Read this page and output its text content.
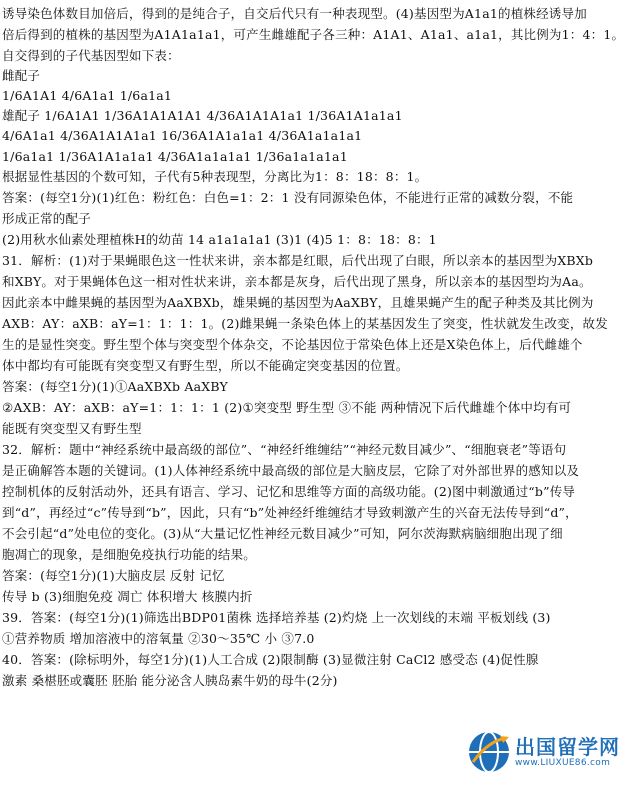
诱导染色体数目加倍后，得到的是纯合子，自交后代只有一种表现型。(4)基因型为A1a1的植株经诱导加
倍后得到的植株的基因型为A1A1a1a1，可产生雌雄配子各三种：A1A1、A1a1、a1a1，其比例为1：4：1。
自交得到的子代基因型如下表：
雌配子
1/6A1A1 4/6A1a1 1/6a1a1
雄配子 1/6A1A1 1/36A1A1A1A1 4/36A1A1A1a1 1/36A1A1a1a1
4/6A1a1 4/36A1A1A1a1 16/36A1A1a1a1 4/36A1a1a1a1
1/6a1a1 1/36A1A1a1a1 4/36A1a1a1a1 1/36a1a1a1a1
根据显性基因的个数可知，子代有5种表现型，分离比为1：8：18：8：1。
答案：(每空1分)(1)红色：粉红色：白色=1：2：1 没有同源染色体，不能进行正常的减数分裂，不能
形成正常的配子
(2)用秋水仙素处理植株H的幼苗 14 a1a1a1a1 (3)1 (4)5 1：8：18：8：1
31．解析：(1)对于果蝇眼色这一性状来讲，亲本都是红眼，后代出现了白眼，所以亲本的基因型为XBXb
和XBY。对于果蝇体色这一相对性状来讲，亲本都是灰身，后代出现了黑身，所以亲本的基因型均为Aa。
因此亲本中雌果蝇的基因型为AaXBXb，雄果蝇的基因型为AaXBY，且雄果蝇产生的配子种类及其比例为
AXB：AY：aXB：aY=1：1：1：1。(2)雌果蝇一条染色体上的某基因发生了突变，性状就发生改变，故发
生的是显性突变。野生型个体与突变型个体杂交，不论基因位于常染色体上还是X染色体上，后代雌雄个
体中都均有可能既有突变型又有野生型，所以不能确定突变基因的位置。
答案：(每空1分)(1)①AaXBXb AaXBY
②AXB：AY：aXB：aY=1：1：1：1 (2)①突变型 野生型 ③不能 两种情况下后代雌雄个体中均有可
能既有突变型又有野生型
32．解析：题中“神经系统中最高级的部位”、“神经纤维缠结”“神经元数目减少”、“细胞衰老”等语句
是正确解答本题的关键词。(1)人体神经系统中最高级的部位是大脑皮层，它除了对外部世界的感知以及
控制机体的反射活动外，还具有语言、学习、记忆和思维等方面的高级功能。(2)图中刺激通过“b”传导
到“d”，再经过“c”传导到“b”，因此，只有“b”处神经纤维缠结才导致刺激产生的兴奋无法传导到“d”，
不会引起“d”处电位的变化。(3)从“大量记忆性神经元数目减少”可知，阿尔茨海默病脑细胞出现了细
胞凋亡的现象，是细胞免疫执行功能的结果。
答案：(每空1分)(1)大脑皮层 反射 记忆
传导 b (3)细胞免疫 凋亡 体积增大 核膜内折
39．答案：(每空1分)(1)筛选出BDP01菌株 选择培养基 (2)灼烧 上一次划线的末端 平板划线 (3)
①营养物质 增加溶液中的溶氧量 ②30～35℃ 小 ③7.0
40．答案：(除标明外，每空1分)(1)人工合成 (2)限制酶 (3)显微注射 CaCl2 感受态 (4)促性腺
激素 桑椹胚或囊胚 胚胎 能分泌含人胰岛素牛奶的母牛(2分)
出国留学网
www.LIUXUE86.com
